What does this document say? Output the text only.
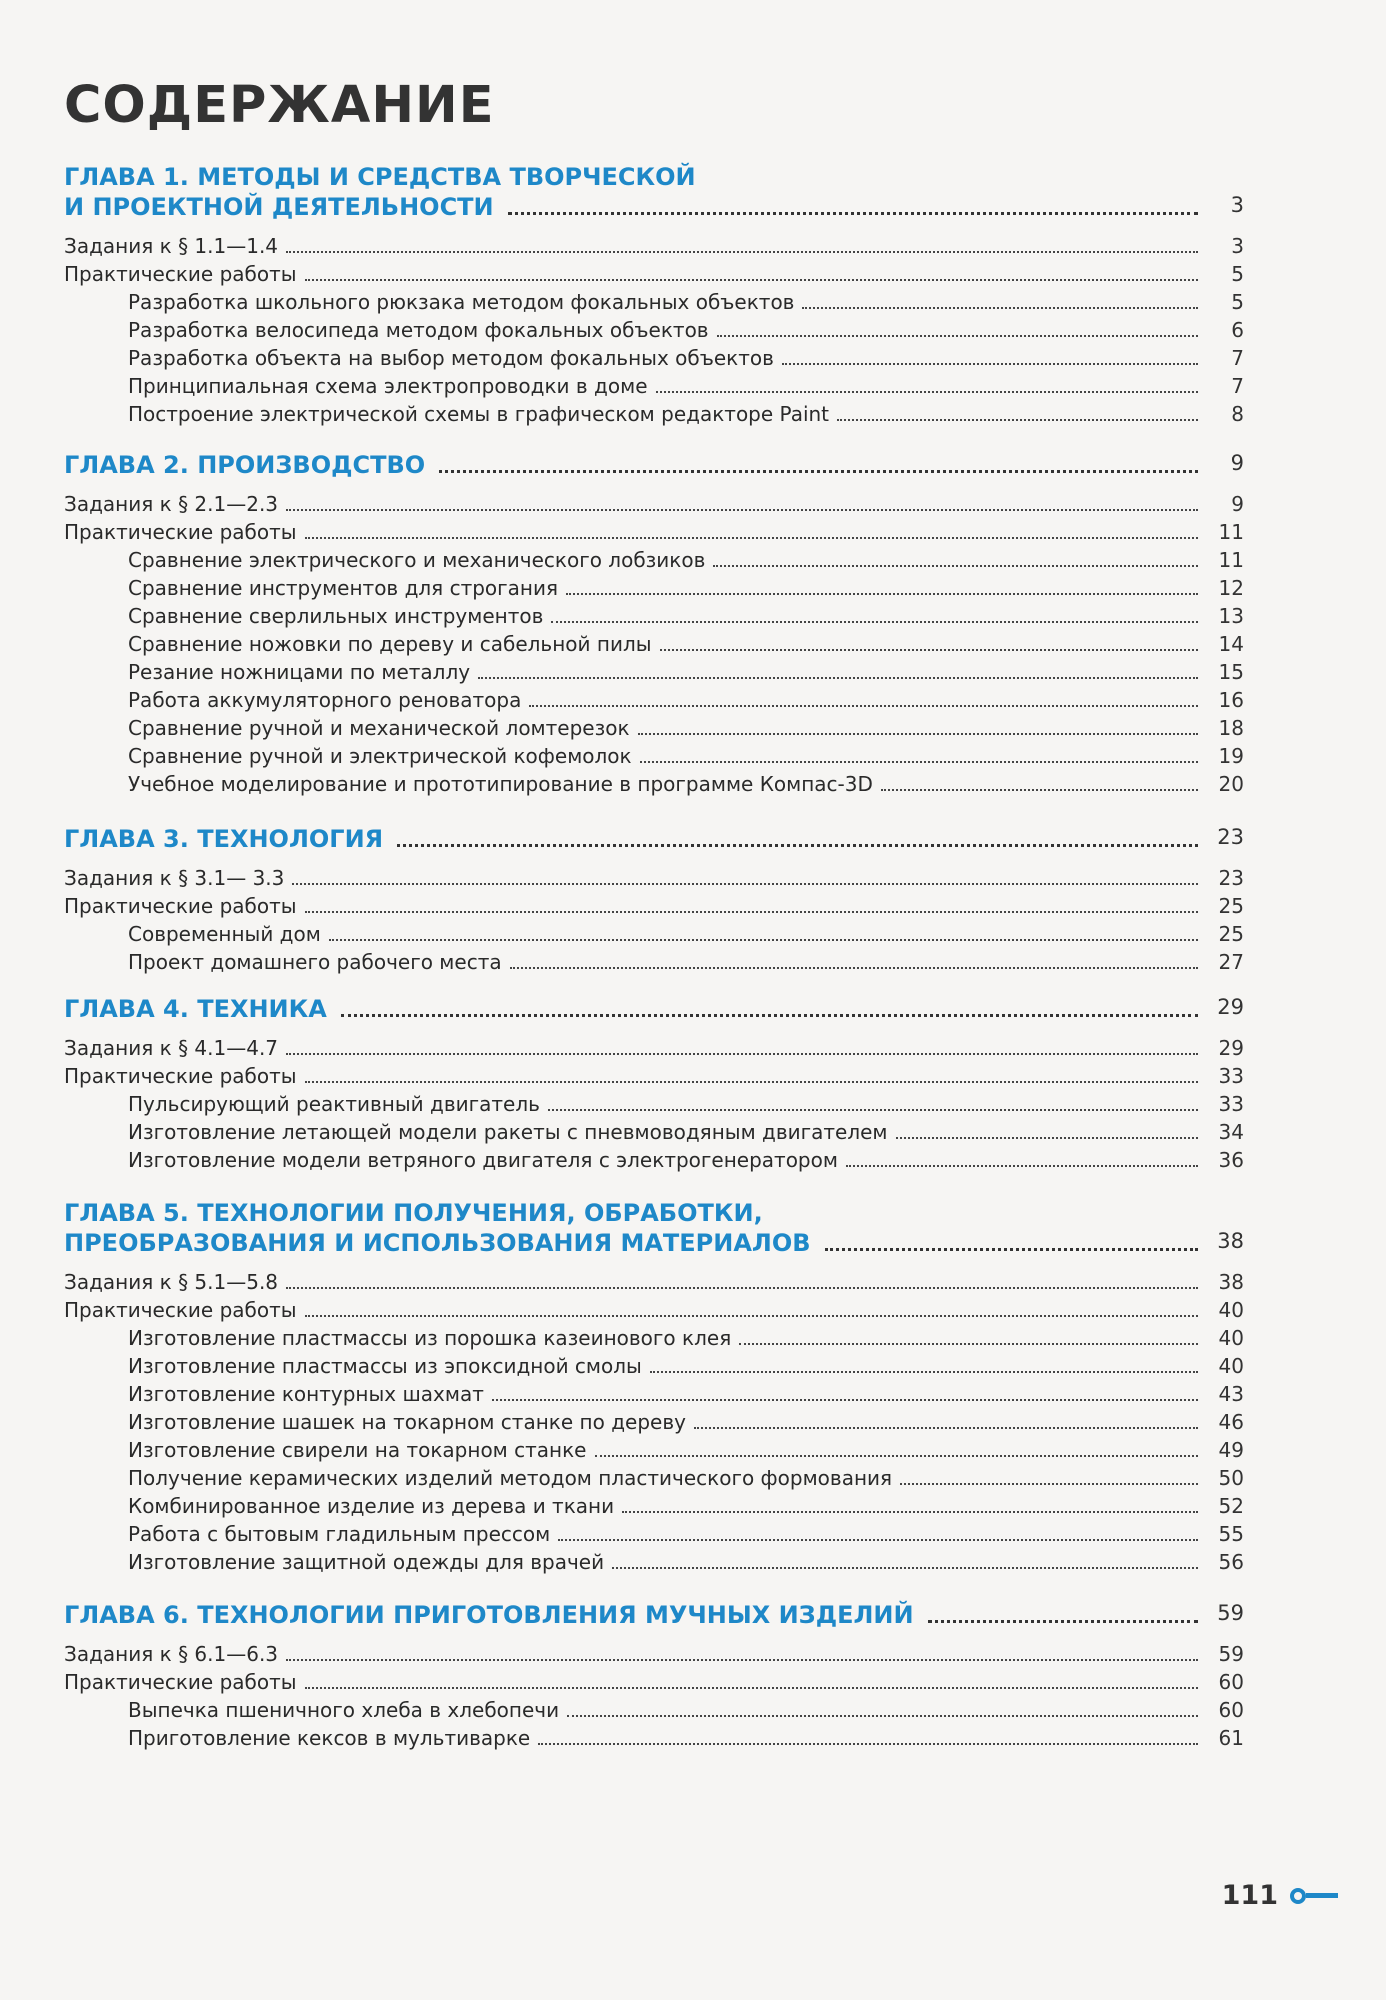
СОДЕРЖАНИЕ
ГЛАВА 1. МЕТОДЫ И СРЕДСТВА ТВОРЧЕСКОЙ
И ПРОЕКТНОЙ ДЕЯТЕЛЬНОСТИ	3
Задания к § 1.1—1.4	3
Практические работы	5
Разработка школьного рюкзака методом фокальных объектов	5
Разработка велосипеда методом фокальных объектов	6
Разработка объекта на выбор методом фокальных объектов	7
Принципиальная схема электропроводки в доме	7
Построение электрической схемы в графическом редакторе Paint	8
ГЛАВА 2. ПРОИЗВОДСТВО	9
Задания к § 2.1—2.3	9
Практические работы	11
Сравнение электрического и механического лобзиков	11
Сравнение инструментов для строгания	12
Сравнение сверлильных инструментов	13
Сравнение ножовки по дереву и сабельной пилы	14
Резание ножницами по металлу	15
Работа аккумуляторного реноватора	16
Сравнение ручной и механической ломтерезок	18
Сравнение ручной и электрической кофемолок	19
Учебное моделирование и прототипирование в программе Компас-3D	20
ГЛАВА 3. ТЕХНОЛОГИЯ	23
Задания к § 3.1— 3.3	23
Практические работы	25
Современный дом	25
Проект домашнего рабочего места	27
ГЛАВА 4. ТЕХНИКА	29
Задания к § 4.1—4.7	29
Практические работы	33
Пульсирующий реактивный двигатель	33
Изготовление летающей модели ракеты с пневмоводяным двигателем	34
Изготовление модели ветряного двигателя с электрогенератором	36
ГЛАВА 5. ТЕХНОЛОГИИ ПОЛУЧЕНИЯ, ОБРАБОТКИ,
ПРЕОБРАЗОВАНИЯ И ИСПОЛЬЗОВАНИЯ МАТЕРИАЛОВ	38
Задания к § 5.1—5.8	38
Практические работы	40
Изготовление пластмассы из порошка казеинового клея	40
Изготовление пластмассы из эпоксидной смолы	40
Изготовление контурных шахмат	43
Изготовление шашек на токарном станке по дереву	46
Изготовление свирели на токарном станке	49
Получение керамических изделий методом пластического формования	50
Комбинированное изделие из дерева и ткани	52
Работа с бытовым гладильным прессом	55
Изготовление защитной одежды для врачей	56
ГЛАВА 6. ТЕХНОЛОГИИ ПРИГОТОВЛЕНИЯ МУЧНЫХ ИЗДЕЛИЙ	59
Задания к § 6.1—6.3	59
Практические работы	60
Выпечка пшеничного хлеба в хлебопечи	60
Приготовление кексов в мультиварке	61
111
